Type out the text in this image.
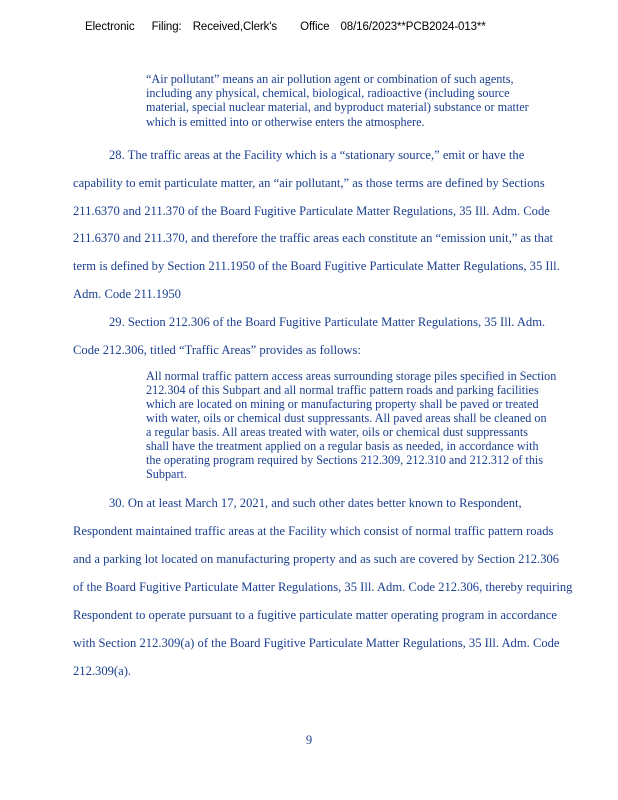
Electronic Filing: Received,Clerk's Office 08/16/2023**PCB2024-013**
“Air pollutant” means an air pollution agent or combination of such agents,
including any physical, chemical, biological, radioactive (including source
material, special nuclear material, and byproduct material) substance or matter
which is emitted into or otherwise enters the atmosphere.
28. The traffic areas at the Facility which is a “stationary source,” emit or have the
capability to emit particulate matter, an “air pollutant,” as those terms are defined by Sections
211.6370 and 211.370 of the Board Fugitive Particulate Matter Regulations, 35 Ill. Adm. Code
211.6370 and 211.370, and therefore the traffic areas each constitute an “emission unit,” as that
term is defined by Section 211.1950 of the Board Fugitive Particulate Matter Regulations, 35 Ill.
Adm. Code 211.1950
29. Section 212.306 of the Board Fugitive Particulate Matter Regulations, 35 Ill. Adm.
Code 212.306, titled “Traffic Areas” provides as follows:
All normal traffic pattern access areas surrounding storage piles specified in Section
212.304 of this Subpart and all normal traffic pattern roads and parking facilities
which are located on mining or manufacturing property shall be paved or treated
with water, oils or chemical dust suppressants. All paved areas shall be cleaned on
a regular basis. All areas treated with water, oils or chemical dust suppressants
shall have the treatment applied on a regular basis as needed, in accordance with
the operating program required by Sections 212.309, 212.310 and 212.312 of this
Subpart.
30. On at least March 17, 2021, and such other dates better known to Respondent,
Respondent maintained traffic areas at the Facility which consist of normal traffic pattern roads
and a parking lot located on manufacturing property and as such are covered by Section 212.306
of the Board Fugitive Particulate Matter Regulations, 35 Ill. Adm. Code 212.306, thereby requiring
Respondent to operate pursuant to a fugitive particulate matter operating program in accordance
with Section 212.309(a) of the Board Fugitive Particulate Matter Regulations, 35 Ill. Adm. Code
212.309(a).
9
